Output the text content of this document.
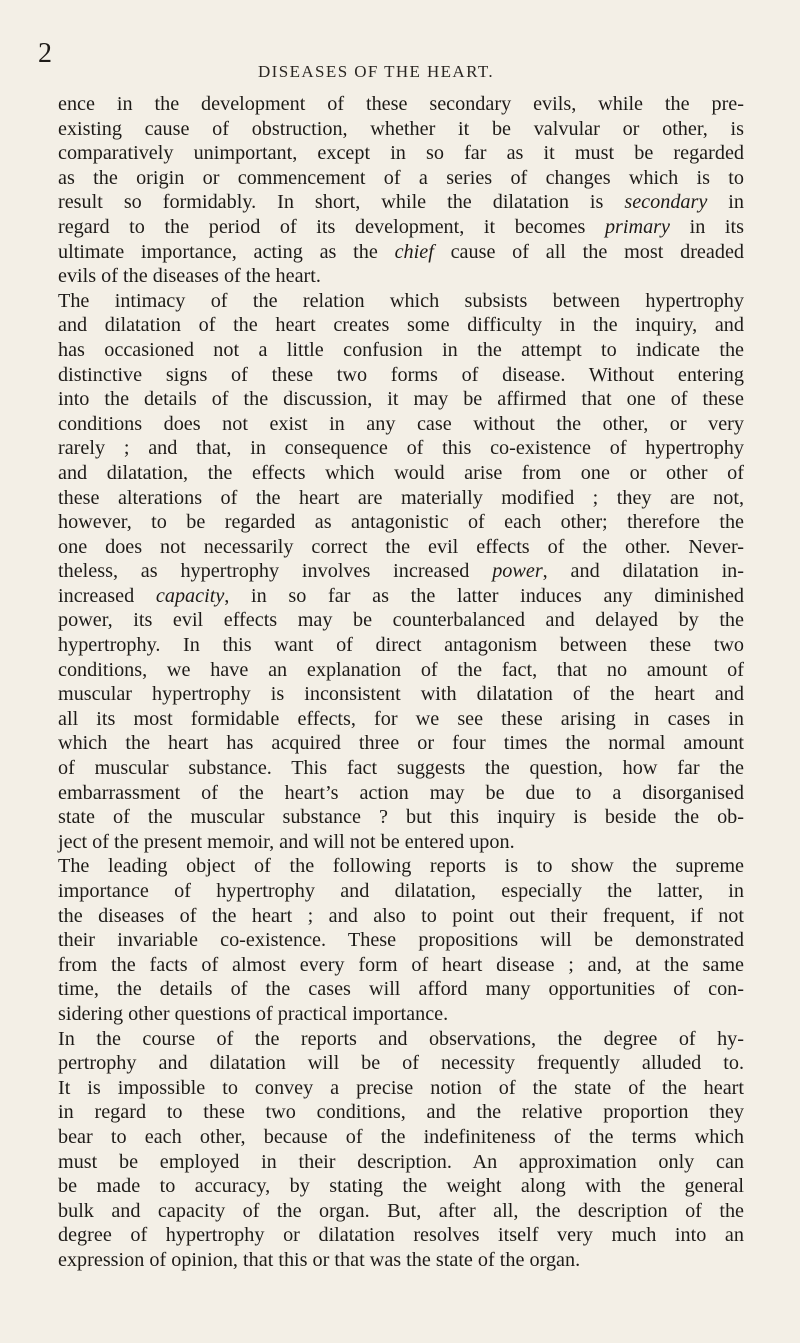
2
DISEASES OF THE HEART.
ence in the development of these secondary evils, while the pre-
existing cause of obstruction, whether it be valvular or other, is
comparatively unimportant, except in so far as it must be regarded
as the origin or commencement of a series of changes which is to
result so formidably. In short, while the dilatation is secondary in
regard to the period of its development, it becomes primary in its
ultimate importance, acting as the chief cause of all the most dreaded
evils of the diseases of the heart.
The intimacy of the relation which subsists between hypertrophy
and dilatation of the heart creates some difficulty in the inquiry, and
has occasioned not a little confusion in the attempt to indicate the
distinctive signs of these two forms of disease. Without entering
into the details of the discussion, it may be affirmed that one of these
conditions does not exist in any case without the other, or very
rarely ; and that, in consequence of this co-existence of hypertrophy
and dilatation, the effects which would arise from one or other of
these alterations of the heart are materially modified ; they are not,
however, to be regarded as antagonistic of each other; therefore the
one does not necessarily correct the evil effects of the other. Never-
theless, as hypertrophy involves increased power, and dilatation in-
increased capacity, in so far as the latter induces any diminished
power, its evil effects may be counterbalanced and delayed by the
hypertrophy. In this want of direct antagonism between these two
conditions, we have an explanation of the fact, that no amount of
muscular hypertrophy is inconsistent with dilatation of the heart and
all its most formidable effects, for we see these arising in cases in
which the heart has acquired three or four times the normal amount
of muscular substance. This fact suggests the question, how far the
embarrassment of the heart’s action may be due to a disorganised
state of the muscular substance ? but this inquiry is beside the ob-
ject of the present memoir, and will not be entered upon.
The leading object of the following reports is to show the supreme
importance of hypertrophy and dilatation, especially the latter, in
the diseases of the heart ; and also to point out their frequent, if not
their invariable co-existence. These propositions will be demonstrated
from the facts of almost every form of heart disease ; and, at the same
time, the details of the cases will afford many opportunities of con-
sidering other questions of practical importance.
In the course of the reports and observations, the degree of hy-
pertrophy and dilatation will be of necessity frequently alluded to.
It is impossible to convey a precise notion of the state of the heart
in regard to these two conditions, and the relative proportion they
bear to each other, because of the indefiniteness of the terms which
must be employed in their description. An approximation only can
be made to accuracy, by stating the weight along with the general
bulk and capacity of the organ. But, after all, the description of the
degree of hypertrophy or dilatation resolves itself very much into an
expression of opinion, that this or that was the state of the organ.
